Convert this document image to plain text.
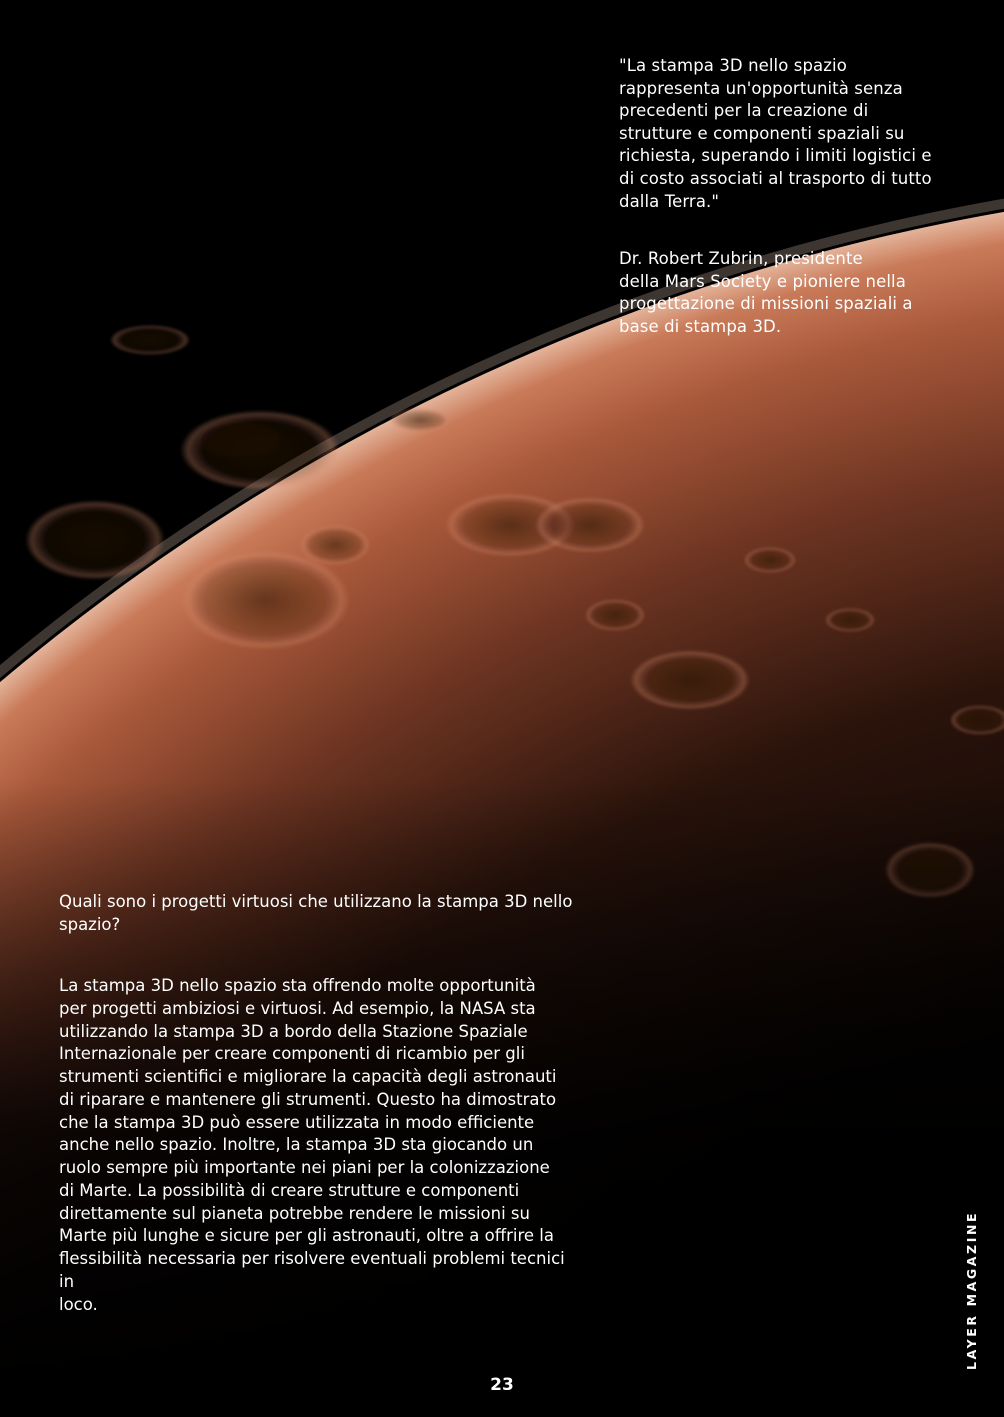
"La stampa 3D nello spazio
rappresenta un'opportunità senza
precedenti per la creazione di
strutture e componenti spaziali su
richiesta, superando i limiti logistici e
di costo associati al trasporto di tutto
dalla Terra."

Dr. Robert Zubrin, presidente
della Mars Society e pioniere nella
progettazione di missioni spaziali a
base di stampa 3D.

Quali sono i progetti virtuosi che utilizzano la stampa 3D nello
spazio?

La stampa 3D nello spazio sta offrendo molte opportunità
per progetti ambiziosi e virtuosi. Ad esempio, la NASA sta
utilizzando la stampa 3D a bordo della Stazione Spaziale
Internazionale per creare componenti di ricambio per gli
strumenti scientifici e migliorare la capacità degli astronauti
di riparare e mantenere gli strumenti. Questo ha dimostrato
che la stampa 3D può essere utilizzata in modo efficiente
anche nello spazio. Inoltre, la stampa 3D sta giocando un
ruolo sempre più importante nei piani per la colonizzazione
di Marte. La possibilità di creare strutture e componenti
direttamente sul pianeta potrebbe rendere le missioni su
Marte più lunghe e sicure per gli astronauti, oltre a offrire la
flessibilità necessaria per risolvere eventuali problemi tecnici in
loco.

23
LAYER MAGAZINE
